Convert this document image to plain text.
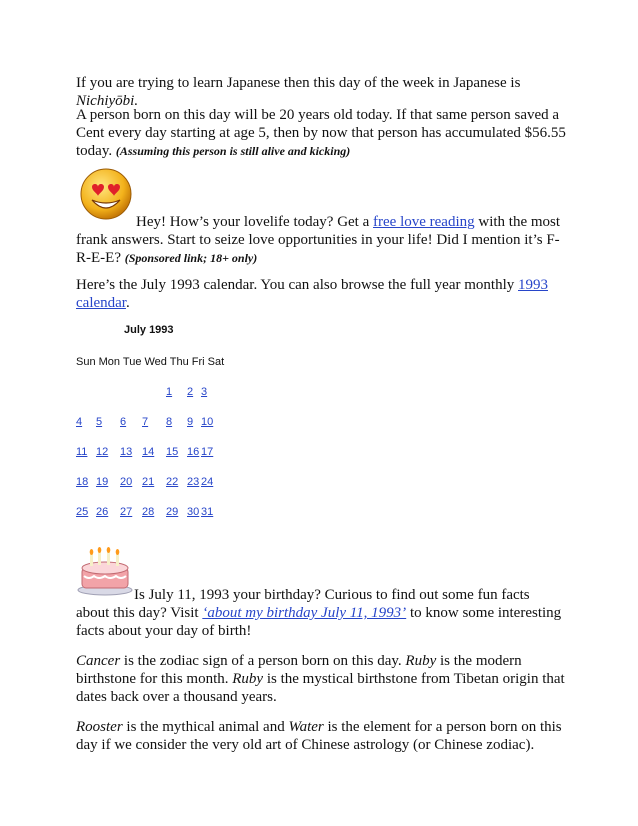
If you are trying to learn Japanese then this day of the week in Japanese is Nichiyōbi.
A person born on this day will be 20 years old today. If that same person saved a Cent every day starting at age 5, then by now that person has accumulated $56.55 today. (Assuming this person is still alive and kicking)
Hey! How’s your lovelife today? Get a free love reading with the most frank answers. Start to seize love opportunities in your life! Did I mention it’s F-R-E-E? (Sponsored link; 18+ only)
Here’s the July 1993 calendar. You can also browse the full year monthly 1993 calendar.
July 1993
Sun Mon Tue Wed Thu Fri Sat
1 2 3
4 5 6 7 8 9 10
11 12 13 14 15 16 17
18 19 20 21 22 23 24
25 26 27 28 29 30 31
Is July 11, 1993 your birthday? Curious to find out some fun facts about this day? Visit ‘about my birthday July 11, 1993’ to know some interesting facts about your day of birth!
Cancer is the zodiac sign of a person born on this day. Ruby is the modern birthstone for this month. Ruby is the mystical birthstone from Tibetan origin that dates back over a thousand years.
Rooster is the mythical animal and Water is the element for a person born on this day if we consider the very old art of Chinese astrology (or Chinese zodiac).
